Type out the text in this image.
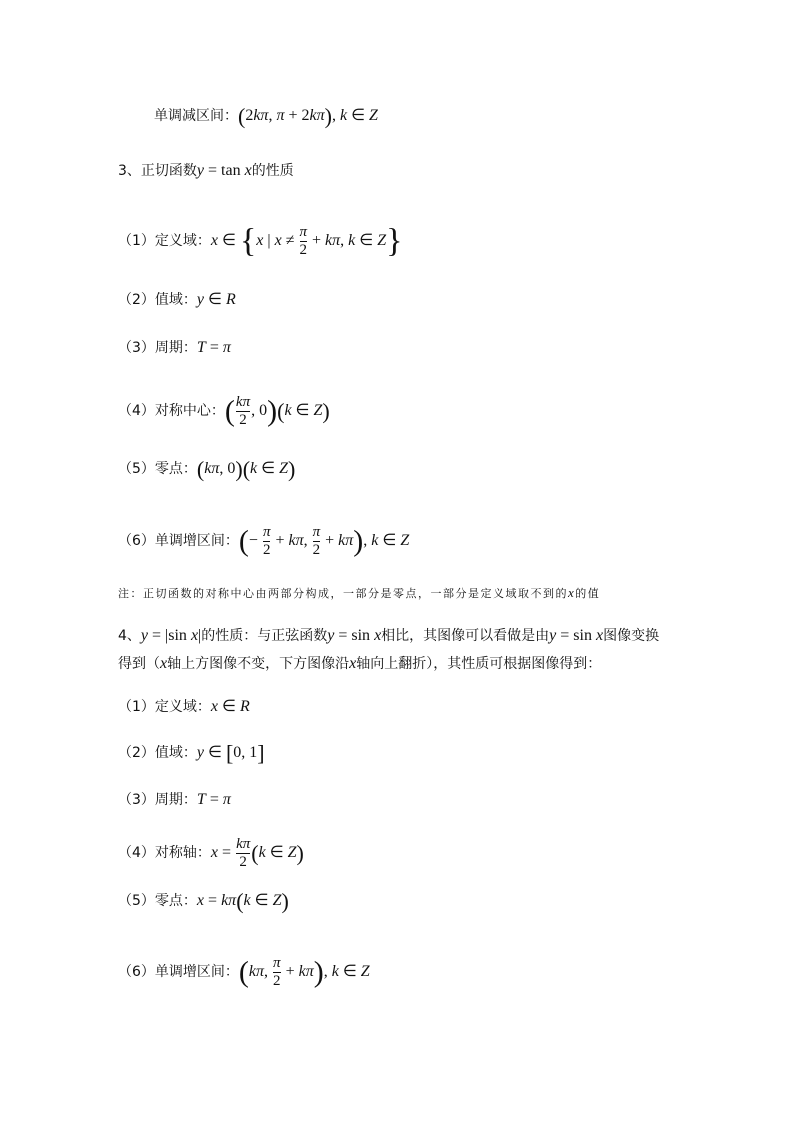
单调减区间：(2kπ, π + 2kπ), k ∈ Z
3、正切函数y = tan x的性质
（1）定义域：x ∈ {x | $x \ne \frac{\pi}{2} + k\pi$, k ∈ Z}
（2）值域：y ∈ R
（3）周期：T = π
（4）对称中心：( $\frac{k\pi}{2}$ , 0)(k ∈ Z)
（5）零点：(kπ, 0)(k ∈ Z)
（6）单调增区间：(− $\frac{\pi}{2} + k\pi$, $\frac{\pi}{2} + k\pi$), k ∈ Z
注：正切函数的对称中心由两部分构成，一部分是零点，一部分是定义域取不到的x的值
4、y = |sin x|的性质：与正弦函数y = sin x相比，其图像可以看做是由y = sin x图像变换
得到（x轴上方图像不变，下方图像沿x轴向上翻折），其性质可根据图像得到：
（1）定义域：x ∈ R
（2）值域：y ∈ [0, 1]
（3）周期：T = π
（4）对称轴：$x = \frac{k\pi}{2} (k$ ∈ Z)
（5）零点：x = kπ(k ∈ Z)
（6）单调增区间：(kπ, $\frac{\pi}{2} + k\pi$), k ∈ Z
